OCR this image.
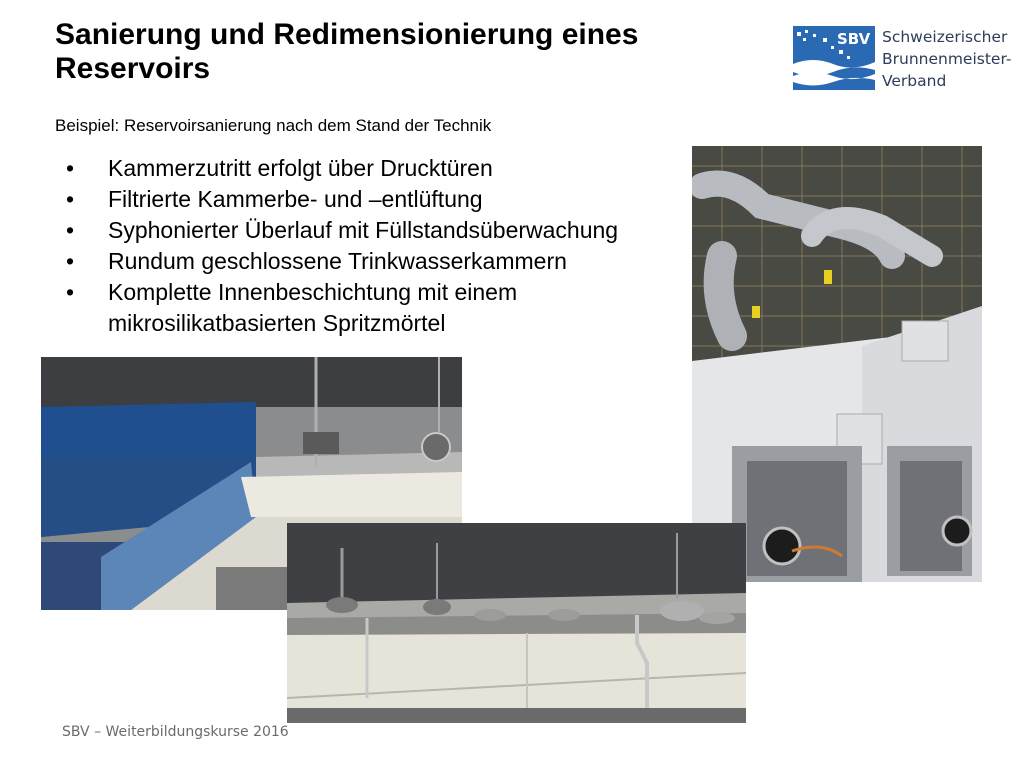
Sanierung und Redimensionierung eines Reservoirs
SBV Schweizerischer
Brunnenmeister-
Verband
Beispiel: Reservoirsanierung nach dem Stand der Technik
• Kammerzutritt erfolgt über Drucktüren
• Filtrierte Kammerbe- und –entlüftung
• Syphonierter Überlauf mit Füllstandsüberwachung
• Rundum geschlossene Trinkwasserkammern
• Komplette Innenbeschichtung mit einem mikrosilikatbasierten Spritzmörtel
SBV – Weiterbildungskurse 2016
